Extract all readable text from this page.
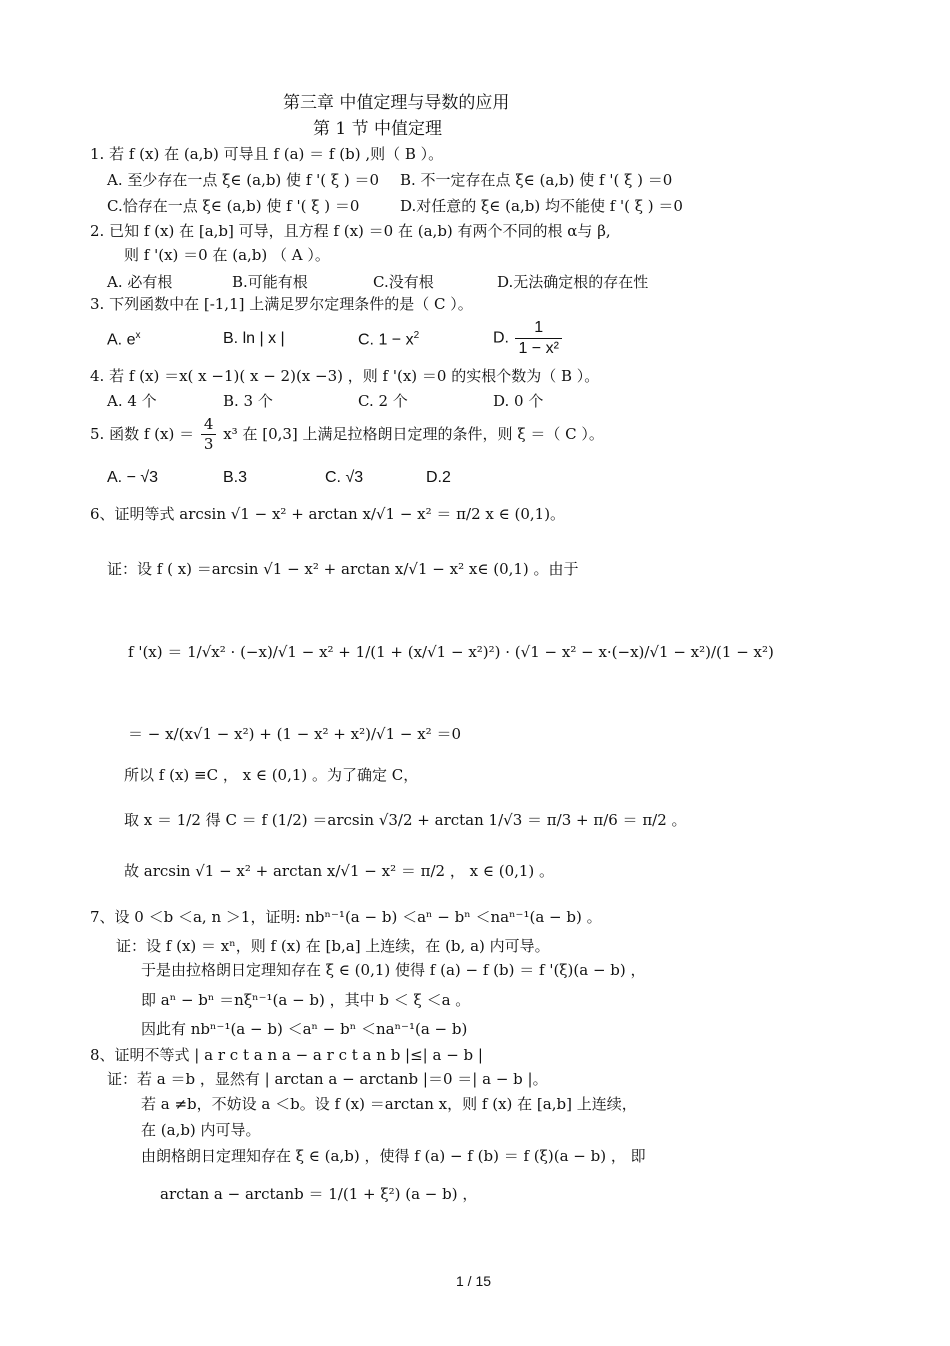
第三章 中值定理与导数的应用
第 1 节 中值定理
1. 若 f (x) 在 (a,b) 可导且 f (a) ＝ f (b) ,则（ B ）。
A. 至少存在一点 ξ∈ (a,b) 使 f '( ξ ) ＝0 B. 不一定存在点 ξ∈ (a,b) 使 f '( ξ ) ＝0
C.恰存在一点 ξ∈ (a,b) 使 f '( ξ ) ＝0	D.对任意的 ξ∈ (a,b) 均不能使 f '( ξ ) ＝0
2. 已知 f (x) 在 [a,b] 可导，且方程 f (x) ＝0 在 (a,b) 有两个不同的根 α与 β,
则 f '(x) ＝0 在 (a,b) （ A ）。
A. 必有根	B.可能有根	C.没有根	D.无法确定根的存在性
3. 下列函数中在 [-1,1] 上满足罗尔定理条件的是（ C ）。
A. $e^x$	B. ln | x |	C. $1 - x^2$	D. $\frac{1}{\text{1 − x²}}$
4. 若 f (x) ＝x( x −1)( x − 2)(x −3) ，则 f '(x) ＝0 的实根个数为（ B ）。
A. 4 个	B. 3 个	C. 2 个	D. 0 个
5. 函数 f $(x) = \frac{4}{3} x^3$ 在 [0,3] 上满足拉格朗日定理的条件，则 ξ ＝（ C ）。
A. − √3	B.3	C. √3	D.2
6、证明等式 arcsin √1 − x² + arctan x/√1 − x² ＝ π/2 x ∈ (0,1)。
证：设 f ( x) ＝arcsin √1 − x² + arctan x/√1 − x² x∈ (0,1) 。由于
f '(x) ＝ 1/√x² · (−x)/√1 − x² + 1/(1 + (x/√1 − x²)²) · (√1 − x² − x·(−x)/√1 − x²)/(1 − x²)
＝ − x/(x√1 − x²) + (1 − x² + x²)/√1 − x² ＝0
所以 f (x) ≡C ， x ∈ (0,1) 。为了确定 C，
取 x ＝ 1/2 得 C ＝ f (1/2) ＝arcsin √3/2 + arctan 1/√3 ＝ π/3 + π/6 ＝ π/2 。
故 arcsin √1 − x² + arctan x/√1 − x² ＝ π/2 ， x ∈ (0,1) 。
7、设 0 ＜b ＜a, n ＞1，证明: nbⁿ⁻¹(a − b) ＜aⁿ − bⁿ ＜naⁿ⁻¹(a − b) 。
证：设 f (x) ＝ xⁿ，则 f (x) 在 [b,a] 上连续，在 (b, a) 内可导。
于是由拉格朗日定理知存在 ξ ∈ (0,1) 使得 f (a) − f (b) ＝ f '(ξ)(a − b) ，
即 aⁿ − bⁿ ＝nξⁿ⁻¹(a − b) ，其中 b ＜ ξ ＜a 。
因此有 nbⁿ⁻¹(a − b) ＜aⁿ − bⁿ ＜naⁿ⁻¹(a − b)
8、证明不等式 | a r c t a n a − a r c t a n b |≤| a − b |
证：若 a ＝b ，显然有 | arctan a − arctanb |＝0 ＝| a − b |。
若 a ≠b，不妨设 a ＜b。设 f (x) ＝arctan x，则 f (x) 在 [a,b] 上连续，
在 (a,b) 内可导。
由朗格朗日定理知存在 ξ ∈ (a,b) ，使得 f (a) − f (b) ＝ f (ξ)(a − b) ， 即
arctan a − arctanb ＝ 1/(1 + ξ²) (a − b) ，
1 / 15
